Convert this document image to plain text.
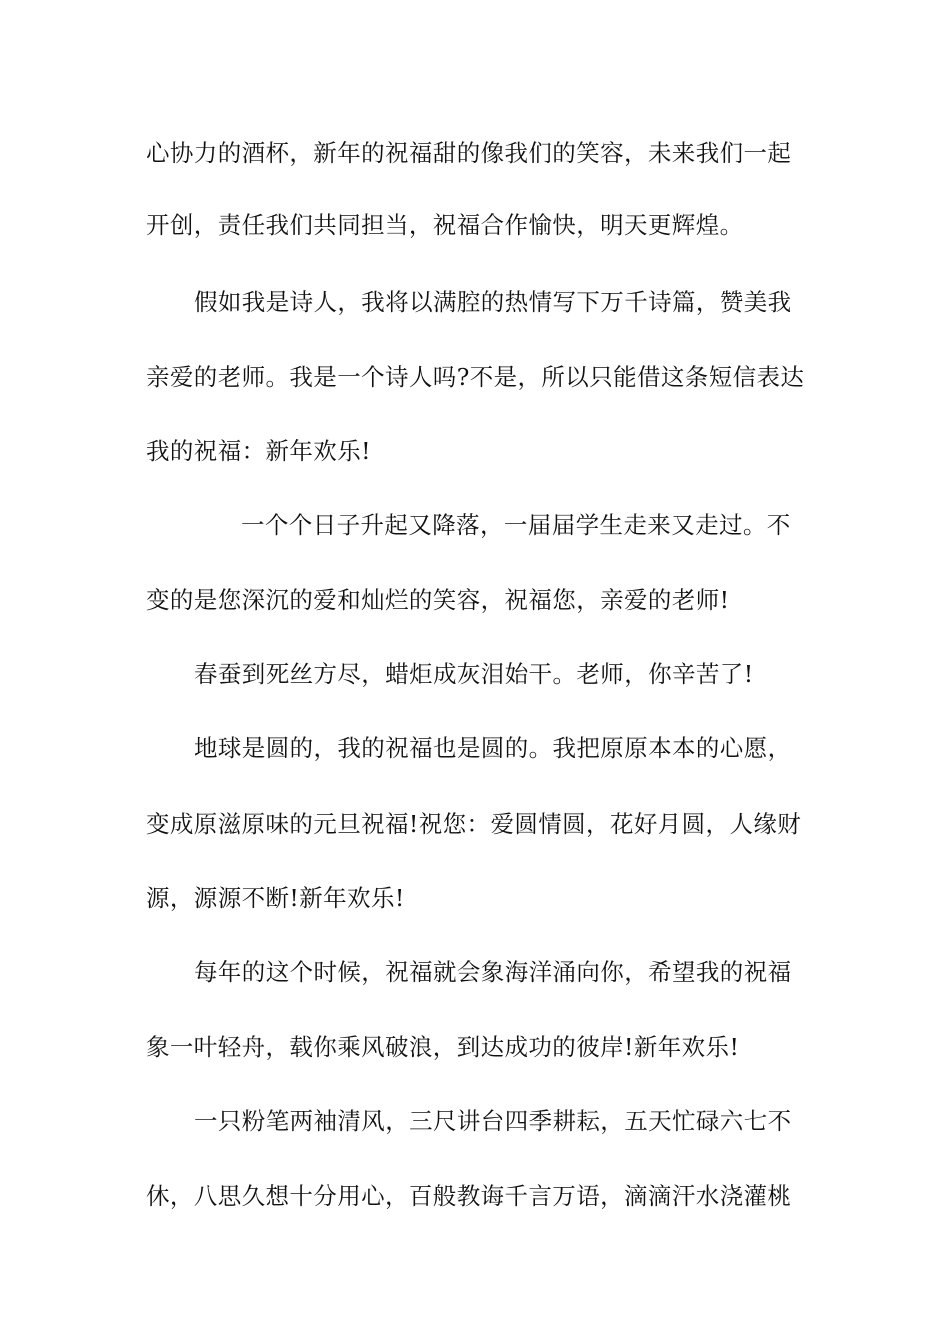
心协力的酒杯，新年的祝福甜的像我们的笑容，未来我们一起
开创，责任我们共同担当，祝福合作愉快，明天更辉煌。
假如我是诗人，我将以满腔的热情写下万千诗篇，赞美我
亲爱的老师。我是一个诗人吗?不是，所以只能借这条短信表达
我的祝福：新年欢乐!
一个个日子升起又降落，一届届学生走来又走过。不
变的是您深沉的爱和灿烂的笑容，祝福您，亲爱的老师!
春蚕到死丝方尽，蜡炬成灰泪始干。老师，你辛苦了!
地球是圆的，我的祝福也是圆的。我把原原本本的心愿，
变成原滋原味的元旦祝福!祝您：爱圆情圆，花好月圆，人缘财
源，源源不断!新年欢乐!
每年的这个时候，祝福就会象海洋涌向你，希望我的祝福
象一叶轻舟，载你乘风破浪，到达成功的彼岸!新年欢乐!
一只粉笔两袖清风，三尺讲台四季耕耘，五天忙碌六七不
休，八思久想十分用心，百般教诲千言万语，滴滴汗水浇灌桃
